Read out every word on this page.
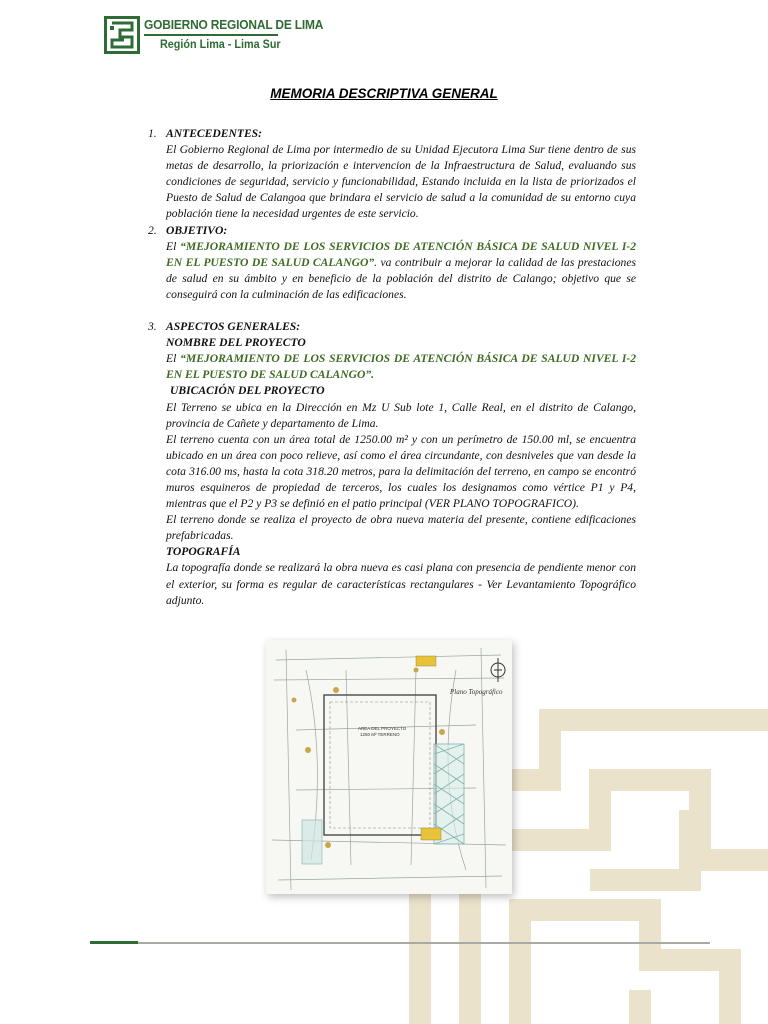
GOBIERNO REGIONAL DE LIMA
Región Lima - Lima Sur
MEMORIA DESCRIPTIVA GENERAL
1. ANTECEDENTES:
El Gobierno Regional de Lima por intermedio de su Unidad Ejecutora Lima Sur tiene dentro de sus metas de desarrollo, la priorización e intervencion de la Infraestructura de Salud, evaluando sus condiciones de seguridad, servicio y funcionabilidad, Estando incluida en la lista de priorizados el Puesto de Salud de Calangoa que brindara el servicio de salud a la comunidad de su entorno cuya población tiene la necesidad urgentes de este servicio.
2. OBJETIVO:
El “MEJORAMIENTO DE LOS SERVICIOS DE ATENCIÓN BÁSICA DE SALUD NIVEL I-2 EN EL PUESTO DE SALUD CALANGO”. va contribuir a mejorar la calidad de las prestaciones de salud en su ámbito y en beneficio de la población del distrito de Calango; objetivo que se conseguirá con la culminación de las edificaciones.
3. ASPECTOS GENERALES:
NOMBRE DEL PROYECTO
El “MEJORAMIENTO DE LOS SERVICIOS DE ATENCIÓN BÁSICA DE SALUD NIVEL I-2 EN EL PUESTO DE SALUD CALANGO”.
UBICACIÓN DEL PROYECTO
El Terreno se ubica en la Dirección en Mz U Sub lote 1, Calle Real, en el distrito de Calango, provincia de Cañete y departamento de Lima.
El terreno cuenta con un área total de 1250.00 m² y con un perímetro de 150.00 ml, se encuentra ubicado en un área con poco relieve, así como el área circundante, con desniveles que van desde la cota 316.00 ms, hasta la cota 318.20 metros, para la delimitación del terreno, en campo se encontró muros esquineros de propiedad de terceros, los cuales los designamos como vértice P1 y P4, mientras que el P2 y P3 se definió en el patio principal (VER PLANO TOPOGRAFICO).
El terreno donde se realiza el proyecto de obra nueva materia del presente, contiene edificaciones prefabricadas.
TOPOGRAFÍA
La topografía donde se realizará la obra nueva es casi plana con presencia de pendiente menor con el exterior, su forma es regular de características rectangulares - Ver Levantamiento Topográfico adjunto.
Plano Topográfico
AREA DEL PROYECTO
1250 M² TERRENO
